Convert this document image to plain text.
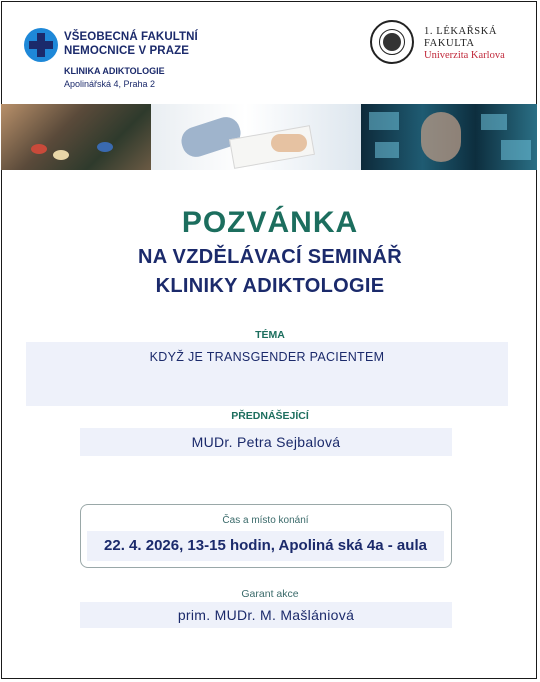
VŠEOBECNÁ FAKULTNÍ
NEMOCNICE V PRAZE
KLINIKA ADIKTOLOGIE
Apolinářská 4, Praha 2
1. LÉKAŘSKÁ
FAKULTA
Univerzita Karlova
POZVÁNKA
NA VZDĚLÁVACÍ SEMINÁŘ
KLINIKY ADIKTOLOGIE
TÉMA
KDYŽ JE TRANSGENDER PACIENTEM
PŘEDNÁŠEJÍCÍ
MUDr. Petra Sejbalová
Čas a místo konání
22. 4. 2026, 13-15 hodin, Apoliná ská 4a - aula
Garant akce
prim. MUDr. M. Mašlániová
